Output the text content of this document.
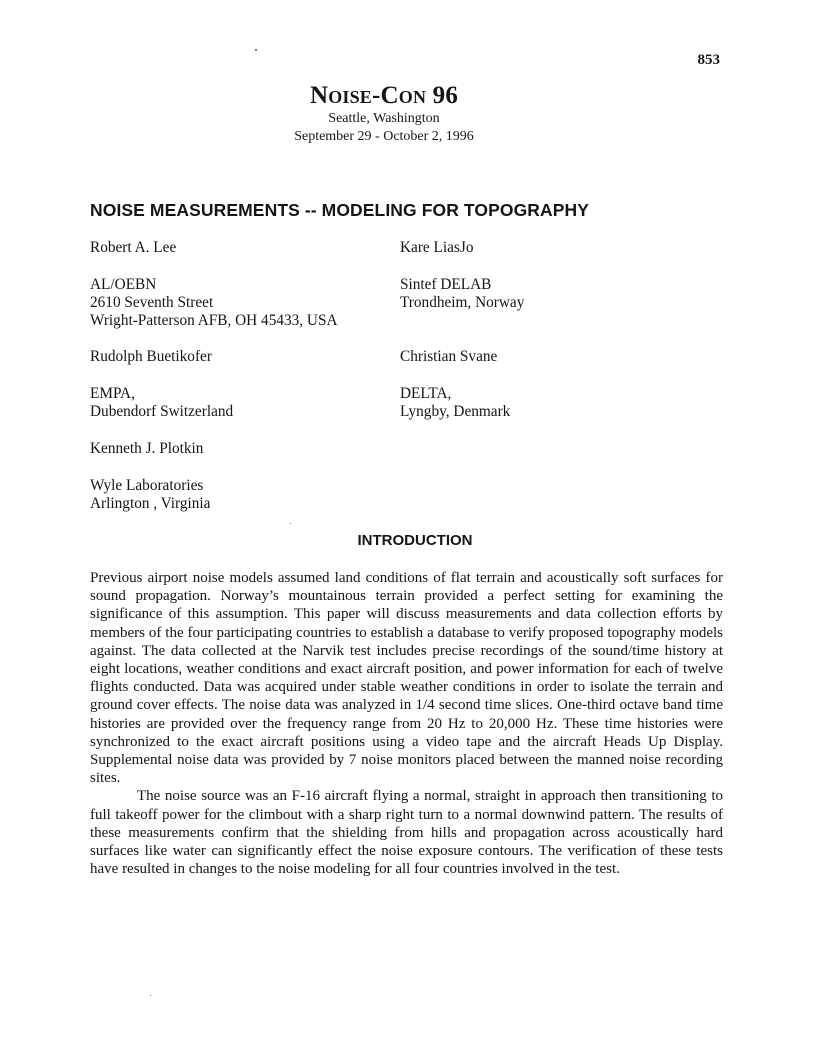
853
Noise-Con 96
Seattle, Washington
September 29 - October 2, 1996
NOISE MEASUREMENTS -- MODELING FOR TOPOGRAPHY
Robert A. Lee
AL/OEBN
2610 Seventh Street
Wright-Patterson AFB, OH 45433, USA
Kare LiasJo
Sintef DELAB
Trondheim, Norway
Rudolph Buetikofer
EMPA,
Dubendorf Switzerland
Christian Svane
DELTA,
Lyngby, Denmark
Kenneth J. Plotkin
Wyle Laboratories
Arlington , Virginia
INTRODUCTION

Previous airport noise models assumed land conditions of flat terrain and acoustically soft surfaces for sound propagation. Norway’s mountainous terrain provided a perfect setting for examining the significance of this assumption. This paper will discuss measurements and data collection efforts by members of the four participating countries to establish a database to verify proposed topography models against. The data collected at the Narvik test includes precise recordings of the sound/time history at eight locations, weather conditions and exact aircraft position, and power information for each of twelve flights conducted. Data was acquired under stable weather conditions in order to isolate the terrain and ground cover effects. The noise data was analyzed in 1/4 second time slices. One-third octave band time histories are provided over the frequency range from 20 Hz to 20,000 Hz. These time histories were synchronized to the exact aircraft positions using a video tape and the aircraft Heads Up Display. Supplemental noise data was provided by 7 noise monitors placed between the manned noise recording sites.

The noise source was an F-16 aircraft flying a normal, straight in approach then transitioning to full takeoff power for the climbout with a sharp right turn to a normal downwind pattern. The results of these measurements confirm that the shielding from hills and propagation across acoustically hard surfaces like water can significantly effect the noise exposure contours. The verification of these tests have resulted in changes to the noise modeling for all four countries involved in the test.
